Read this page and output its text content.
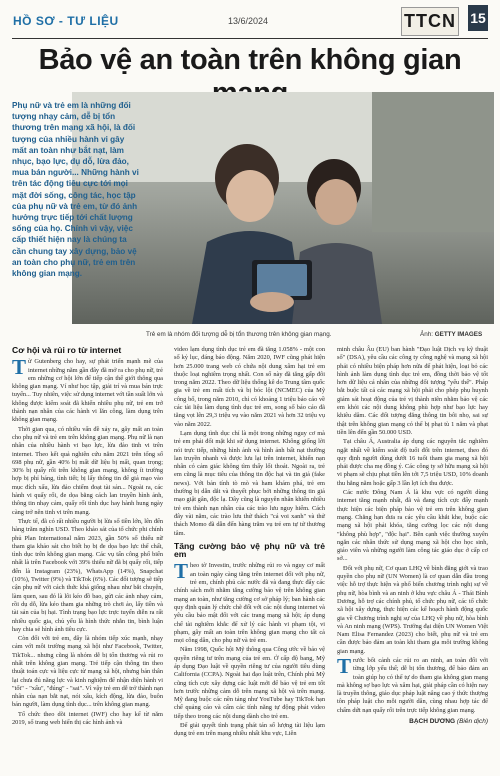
HỒ SƠ - TƯ LIỆU	13/6/2024	TTCN 15
Bảo vệ an toàn trên không gian
Phụ nữ và trẻ em là những đối tượng nhạy cảm, dễ bị tổn thương trên mạng xã hội, là đối tượng của nhiều hành vi gây mất an toàn như bắt nạt, làm nhục, bạo lực, dụ dỗ, lừa đảo, mua bán người... Những hành vi trên tác động tiêu cực tới mọi mặt đời sống, công tác, học tập của phụ nữ và trẻ em, từ đó ảnh hưởng trực tiếp tới chất lượng sống của họ. Chính vì vậy, việc cấp thiết hiện nay là chúng ta cần chung tay xây dựng, bảo vệ an toàn cho phụ nữ, trẻ em trên không gian mạng.
Trẻ em là nhóm đối tượng dễ bị tổn thương trên không gian mạng.	Ảnh: GETTY IMAGES
Cơ hội và rủi ro từ internet

Từ Gutenberg cho hay, sự phát triển mạnh mẽ của internet những năm gần đây đã mở ra cho phụ nữ, trẻ em những cơ hội lớn để tiếp cận thế giới thông qua không gian mạng. Ví như học tập, giải trí và mua bán trực tuyến... Tuy nhiên, việc sử dụng internet với tần suất lớn và không được kiểm soát đã khiến nhiều phụ nữ, trẻ em trở thành nạn nhân của các hành vi lăn công, làm dụng trên không gian mạng.

Thời gian qua, có nhiều vấn đề xảy ra, gây mất an toàn cho phụ nữ và trẻ em trên không gian mạng. Phụ nữ là nạn nhân của nhiều hành vi bạo lực, lừa đảo tinh vi trên internet. Theo kết quả nghiên cứu năm 2021 trên tổng số 698 phụ nữ, gần 40% bị mất dữ liệu bị mất, quan trọng; 30% bị quấy rối trên không gian mạng, không ít trường hợp bị phỉ báng, tình tiết; bị lấy thông tin để giả mạo vào mục đích xấu, lừa đảo chiếm đoạt tài sản... Ngoài ra, các hành vi quấy rối, đe dọa bằng cách lan truyền hình ảnh, thông tin nhạy cảm, quấy rối tình dục hay hành hung ngày càng trở nên tinh vi trên mạng.

Thực tế, đã có rất nhiều người bị lừa số tiền lớn, lên đến hàng trăm nghìn USD. Theo khảo sát của tổ chức phi chính phủ Plan International năm 2023, gần 50% số thiếu nữ tham gia khảo sát cho biết họ bị đe dọa bạo lực thể chất, tình dục trên không gian mạng. Các vụ tấn công phổ biến nhất là trên Facebook với 39% thiếu nữ đã bị quấy rối, tiếp đến là Instagram (23%), WhatsApp (14%), Snapchat (10%), Twitter (9%) và TikTok (6%). Các đối tượng sẽ tiếp cận phụ nữ với cách thức khá giống nhau như bắt chuyện, làm quen, sau đó là lôi kéo đồ bao, gửi các ảnh nhạy cảm, rồi dụ dỗ, lừa kéo tham gia những trò chơi ảo, lấy tiền và tài sản của bị hại. Tình trạng bạo lực trực tuyến diễn ra rất nhiều quốc gia, chủ yếu là hình thức nhắn tin, bình luận hay chia sẻ hình ảnh tiêu cực.

Còn đối với trẻ em, đây là nhóm tiếp xúc mạnh, nhạy cảm với môi trường mạng xã hội như Facebook, Twitter, TikTok... nhưng cũng là nhóm dễ bị tổn thương và rủi ro nhất trên không gian mạng. Trẻ tiếp cận thông tin theo thuật toán cực và liệu cực từ mạng xã hội, nhưng bản thân lại chưa đủ năng lực và kinh nghiệm để nhận diện hành vi "tốt" - "xấu", "đúng" - "sai". Vì vậy trẻ em dễ trở thành nạn nhân của nạn bắt nạt, nói xấu, kích động, lừa đảo, buôn bán người, làm dụng tình dục... trên không gian mạng.

Tổ chức theo dõi internet (IWF) cho hay kể từ năm 2019, số trang web hiển thị các hình ảnh và

video lạm dụng tình dục trẻ em đã tăng 1.058% - một con số kỷ lục, đáng báo động. Năm 2020, IWF cũng phát hiện hơn 25.000 trang web có chứa nội dung xâm hại trẻ em thuộc loại nghiêm trọng nhất. Con số này đã tăng gấp đôi trong năm 2022. Theo dữ liệu thống kê do Trung tâm quốc gia về trẻ em mất tích và bị bóc lột (NCMEC) của Mỹ công bố, trong năm 2010, chỉ có khoảng 1 triệu báo cáo về các tài liệu làm dụng tình dục trẻ em, song số báo cáo đã tăng vọt lên 29,3 triệu vụ vào năm 2021 và hơn 32 triệu vụ vào năm 2022.

Lạm dụng tình dục chỉ là một trong những nguy cơ mà trẻ em phải đối mặt khi sử dụng internet. Không giống lời nói trực tiếp, những hình ảnh và hình ảnh bất nạt thường lan truyền nhanh và được lưu lại trên internet, khiến nạn nhân có cảm giác không tìm thấy lối thoát. Ngoài ra, trẻ em cũng là mục tiêu của thông tin độc hại và tin giả (fake news). Với bản tính tò mò và ham khám phá, trẻ em thường bị dẫn dắt và thuyết phục bởi những thông tin giả mạo giật gân, độc lạ. Dây cũng là nguyên nhân khiến nhiều trẻ em thành nạn nhân của các trào lưu nguy hiểm. Cách đây vài năm, các trào lưu thử thách "cá voi xanh" và thử thách Momo đã dẫn đến hàng trăm vụ trẻ em tự tử thương tâm.

Tăng cường bảo vệ phụ nữ và trẻ em

Theo tờ Investin, trước những rủi ro và nguy cơ mất an toàn ngày càng tăng trên internet đối với phụ nữ, trẻ em, chính phủ các nước đã và đang thực đẩy các chính sách mới nhằm tăng cường bảo vệ trên không gian mạng an toàn, như tăng cường cơ sở pháp lý; ban hành các quy định quản lý chức chẽ đối với các nội dung internet và yêu cầu bảo mật đối với các trang mạng xã hội; áp dụng chế tài nghiêm khắc để xử lý các hành vi phạm tội, vi phạm, gây mất an toàn trên không gian mạng cho tất cả mọi công dân, cho phụ nữ và trẻ em.

Năm 1998, Quốc hội Mỹ thông qua Công ước về bảo vệ quyền riêng tư trên mạng của trẻ em. Ở cấp độ bang, Mỹ áp dụng Đạo luật về quyền riêng tư của người tiêu dùng California (CCPA). Ngoài hai đạo luật trên, Chính phủ Mỹ cũng tích cực xây dựng các luật mới để bảo vệ trẻ em tốt hơn trước những cảm dỗ trên mạng xã hội và trên mạng. Mỹ đang buộc các nền tảng như YouTube hay TikTok hạn chế quảng cáo và cấm các tính năng tự động phát video tiếp theo trong các nội dung dành cho trẻ em.

Để giải quyết tình trạng phát tán số lượng tài liệu lạm dụng trẻ em trên mạng nhiều nhất khu vực, Liên

minh châu Âu (EU) ban hành "Đạo luật Dịch vụ kỹ thuật số" (DSA), yêu cầu các công ty công nghệ và mạng xã hội phải có nhiều biện pháp hơn nữa để phát hiện, loại bỏ các hình ảnh làm dụng tình dục trẻ em, đồng thời bảo vệ tốt hơn dữ liệu cá nhân của những đối tượng "yếu thế". Pháp bắt buộc tất cả các mạng xã hội phải cho phép phụ huynh giám sát hoạt động của trẻ vị thành niên nhằm bảo vệ các em khỏi các nội dung không phù hợp như bạo lực hay khiêu dâm. Các đối tượng đăng thông tin bôi nhọ, sai sự thật trên không gian mạng có thể bị phạt tù 1 năm và phạt tiền lên đến gần 50.000 USD.

Tại châu Á, Australia áp dụng các nguyên tắc nghiêm ngặt nhất về kiểm soát độ tuổi đối trên internet, theo đó quy định người dùng dưới 16 tuổi tham gia mạng xã hội phải được cha mẹ đồng ý. Các công ty sở hữu mạng xã hội vi phạm sẽ chịu phạt tiền lên tới 7,5 triệu USD, 10% doanh thu hằng năm hoặc gấp 3 lần lợi ích thu được.

Các nước Đông Nam Á là khu vực có người dùng internet tăng mạnh nhất, đã và đang tích cực đẩy mạnh thực hiện các biện pháp bảo vệ trẻ em trên không gian mạng. Chẳng hạn đưa ra các yêu cầu khắt khe, buộc các mạng xã hội phải khóa, tăng cường lọc các nội dung "không phù hợp", "độc hại". Bên cạnh việc thường xuyên ngăn các nhân thức sử dụng mạng xã hội cho học sinh, giáo viên và những người làm công tác giáo dục ở cấp cơ sở...

Đối với phụ nữ, Cơ quan LHQ về bình đẳng giới và trao quyền cho phụ nữ (UN Women) là cơ quan dẫn đầu trong việc hỗ trợ thực hiện và phổ biến chương trình nghị sự về phụ nữ, hòa bình và an ninh ở khu vực châu Á - Thái Bình Dương, hỗ trợ các chính phủ, tổ chức phụ nữ, các tổ chức xã hội xây dựng, thực hiện các kế hoạch hành động quốc gia về Chương trình nghị sự của LHQ về phụ nữ, hòa bình và An ninh mạng (WPS). Trưởng đại diện UN Women Việt Nam Elisa Fernandez (2023) cho biết, phụ nữ và trẻ em cần được bảo đảm an toàn khi tham gia môi trường không gian mạng.

Trước bối cảnh các rủi ro an ninh, an toàn đối với từng lớp yếu thế; dễ bị tổn thương, để bảo đảm an toàn giúp họ có thể tự do tham gia không gian mạng mà không sợ bạo lực và xâm hại, giải pháp cần có hiện nay là truyền thông, giáo dục pháp luật nâng cao ý thức thượng tôn pháp luật cho mỗi người dân, cùng nhau hợp tác để chấm dứt nạn quấy rối trên trực tiếp không gian mạng.

BẠCH DƯƠNG (Biên dịch)
